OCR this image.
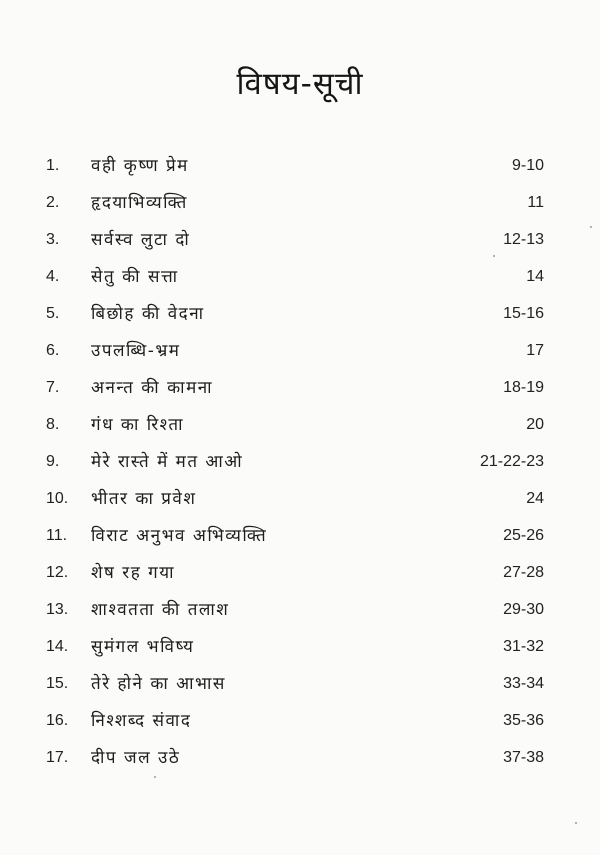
विषय-सूची
1. वही कृष्ण प्रेम	9-10
2. हृदयाभिव्यक्ति	11
3. सर्वस्व लुटा दो	12-13
4. सेतु की सत्ता	14
5. बिछोह की वेदना	15-16
6. उपलब्धि-भ्रम	17
7. अनन्त की कामना	18-19
8. गंध का रिश्ता	20
9. मेरे रास्ते में मत आओ	21-22-23
10. भीतर का प्रवेश	24
11. विराट अनुभव अभिव्यक्ति	25-26
12. शेष रह गया	27-28
13. शाश्वतता की तलाश	29-30
14. सुमंगल भविष्य	31-32
15. तेरे होने का आभास	33-34
16. निश्शब्द संवाद	35-36
17. दीप जल उठे	37-38
